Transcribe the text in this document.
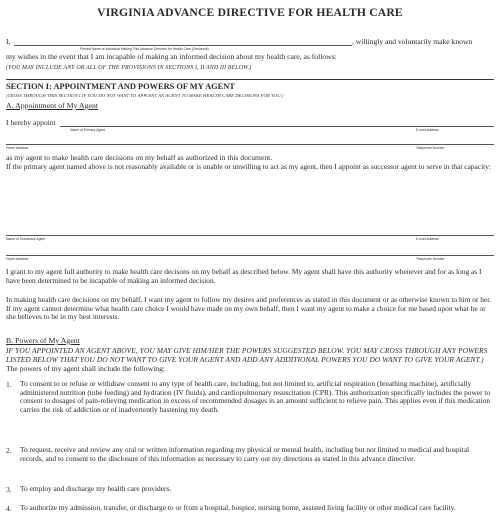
VIRGINIA ADVANCE DIRECTIVE FOR HEALTH CARE
I,	, willingly and voluntarily make known
Printed Name of Individual Making This Advance Directive for Health Care (Declarant)
my wishes in the event that I am incapable of making an informed decision about my health care, as follows:
(YOU MAY INCLUDE ANY OR ALL OF THE PROVISIONS IN SECTIONS I, II AND III BELOW.)
SECTION I: APPOINTMENT AND POWERS OF MY AGENT
(CROSS THROUGH THIS SECTION I IF YOU DO NOT WANT TO APPOINT AN AGENT TO MAKE HEALTH CARE DECISIONS FOR YOU.)
A. Appointment of My Agent
I hereby appoint
Name of Primary Agent	E-mail Address
Home Address	Telephone Number
as my agent to make health care decisions on my behalf as authorized in this document.
If the primary agent named above is not reasonably available or is unable or unwilling to act as my agent, then I appoint as successor agent to serve in that capacity:
Name of Successor Agent	E-mail Address
Home Address	Telephone Number
I grant to my agent full authority to make health care decisons on my behalf as described below. My agent shall have this authority whenever and for as long as I have been determined to be incapable of making an informed decision.
In making health care decisions on my behalf, I want my agent to follow my desires and preferences as stated in this document or as otherwise known to him or her. If my agent cannot determine what health care choice I would have made on my own behalf, then I want my agent to make a choice for me based upon what he or she believes to be in my best interests.
B. Powers of My Agent
IF YOU APPOINTED AN AGENT ABOVE, YOU MAY GIVE HIM/HER THE POWERS SUGGESTED BELOW. YOU MAY CROSS THROUGH ANY POWERS LISTED BELOW THAT YOU DO NOT WANT TO GIVE YOUR AGENT AND ADD ANY ADDITIONAL POWERS YOU DO WANT TO GIVE YOUR AGENT.)
The powers of my agent shall include the following:
1. To consent to or refuse or withdraw consent to any type of health care, including, but not limited to, artificial respiration (breathing machine), artificially administered nutrition (tube feeding) and hydration (IV fluids), and cardiopulmonary resuscitation (CPR). This authorization specifically includes the power to consent to dosages of pain-relieving medication in excess of recommended dosages in an amount sufficient to relieve pain. This applies even if this medication carries the risk of addiction or of inadvertently hastening my death.
2. To request, receive and review any oral or written information regarding my physical or mental health, including but not limited to medical and hospital records, and to consent to the disclosure of this information as necessary to carry out my directions as stated in this advance directive.
3. To employ and discharge my health care providers.
4. To authorize my admission, transfer, or discharge to or from a hospital, hospice, nursing home, assisted living facility or other medical care facility.
